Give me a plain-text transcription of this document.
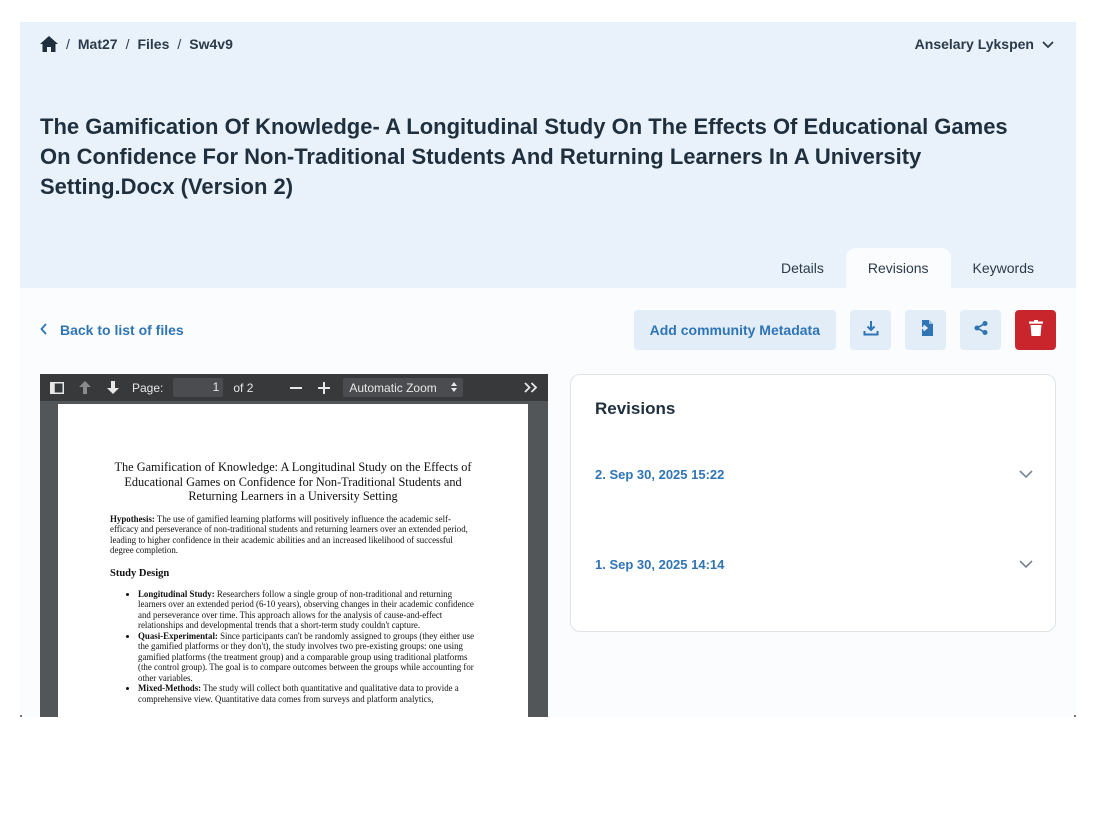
/ Mat27 / Files / Sw4v9	Anselary Lykspen
The Gamification Of Knowledge- A Longitudinal Study On The Effects Of Educational Games On Confidence For Non-Traditional Students And Returning Learners In A University Setting.Docx (Version 2)
Details	Revisions	Keywords
Back to list of files	Add community Metadata
Page:	1	of 2	Automatic Zoom
The Gamification of Knowledge: A Longitudinal Study on the Effects of Educational Games on Confidence for Non-Traditional Students and Returning Learners in a University Setting
Hypothesis: The use of gamified learning platforms will positively influence the academic self-efficacy and perseverance of non-traditional students and returning learners over an extended period, leading to higher confidence in their academic abilities and an increased likelihood of successful degree completion.
Study Design
• Longitudinal Study: Researchers follow a single group of non-traditional and returning learners over an extended period (6-10 years), observing changes in their academic confidence and perseverance over time. This approach allows for the analysis of cause-and-effect relationships and developmental trends that a short-term study couldn't capture.
• Quasi-Experimental: Since participants can't be randomly assigned to groups (they either use the gamified platforms or they don't), the study involves two pre-existing groups: one using gamified platforms (the treatment group) and a comparable group using traditional platforms (the control group). The goal is to compare outcomes between the groups while accounting for other variables.
• Mixed-Methods: The study will collect both quantitative and qualitative data to provide a comprehensive view. Quantitative data comes from surveys and platform analytics,
Revisions
2. Sep 30, 2025 15:22
1. Sep 30, 2025 14:14
